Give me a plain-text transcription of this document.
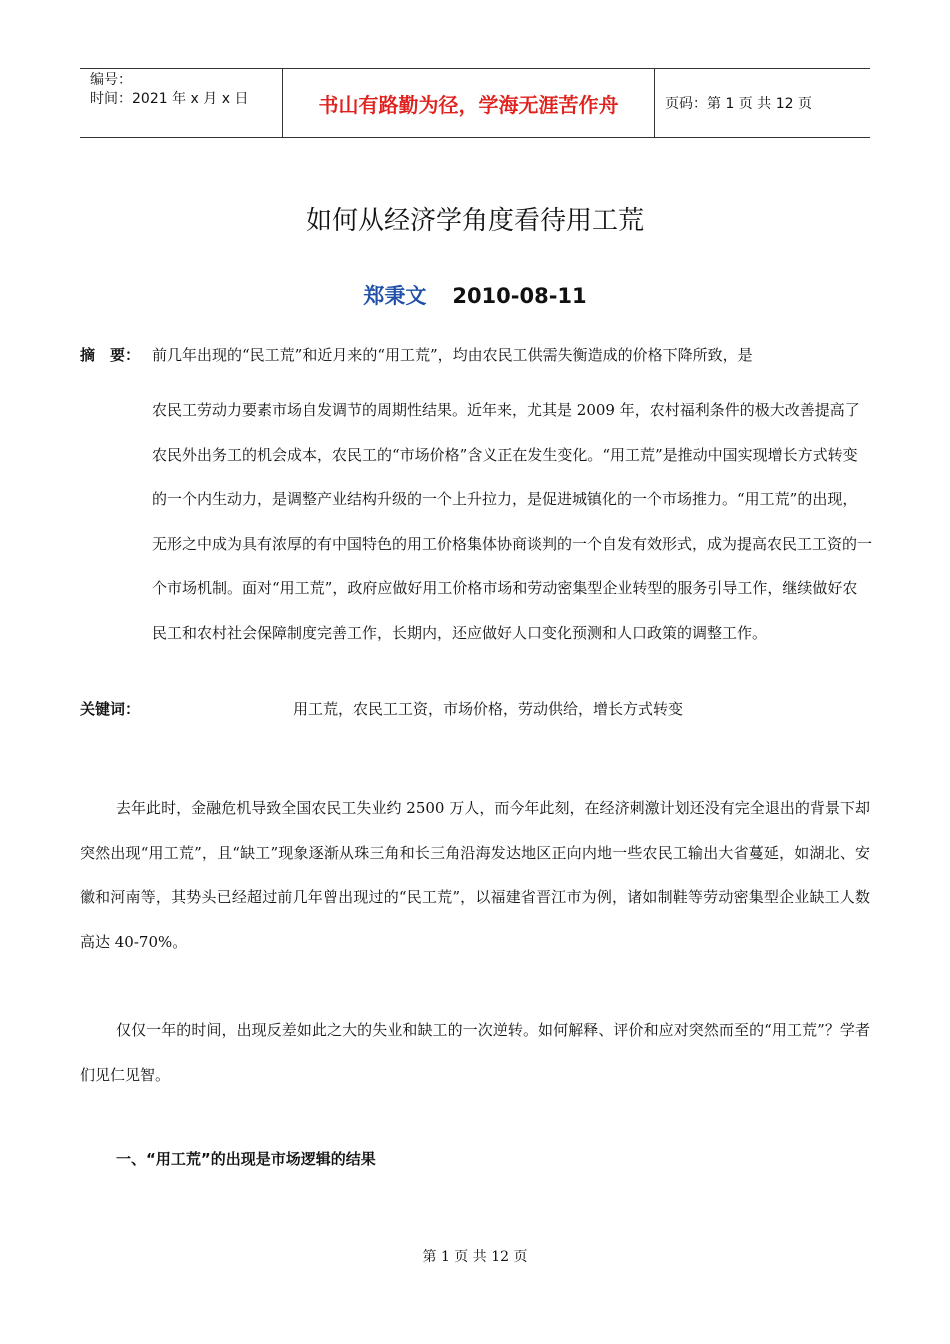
编号：
时间：2021 年 x 月 x 日	书山有路勤为径，学海无涯苦作舟	页码：第 1 页 共 12 页
如何从经济学角度看待用工荒
郑秉文 2010-08-11
摘　要： 前几年出现的“民工荒”和近月来的“用工荒”，均由农民工供需失衡造成的价格下降所致，是
农民工劳动力要素市场自发调节的周期性结果。近年来，尤其是 2009 年，农村福利条件的极大改善提高了农民外出务工的机会成本，农民工的“市场价格”含义正在发生变化。“用工荒”是推动中国实现增长方式转变的一个内生动力，是调整产业结构升级的一个上升拉力，是促进城镇化的一个市场推力。“用工荒”的出现，无形之中成为具有浓厚的有中国特色的用工价格集体协商谈判的一个自发有效形式，成为提高农民工工资的一个市场机制。面对“用工荒”，政府应做好用工价格市场和劳动密集型企业转型的服务引导工作，继续做好农民工和农村社会保障制度完善工作，长期内，还应做好人口变化预测和人口政策的调整工作。
关键词：	用工荒，农民工工资，市场价格，劳动供给，增长方式转变
去年此时，金融危机导致全国农民工失业约 2500 万人，而今年此刻，在经济刺激计划还没有完全退出的背景下却突然出现“用工荒”，且“缺工”现象逐渐从珠三角和长三角沿海发达地区正向内地一些农民工输出大省蔓延，如湖北、安徽和河南等，其势头已经超过前几年曾出现过的“民工荒”，以福建省晋江市为例，诸如制鞋等劳动密集型企业缺工人数高达 40-70%。
仅仅一年的时间，出现反差如此之大的失业和缺工的一次逆转。如何解释、评价和应对突然而至的“用工荒”？学者们见仁见智。
一、“用工荒”的出现是市场逻辑的结果
第 1 页 共 12 页
